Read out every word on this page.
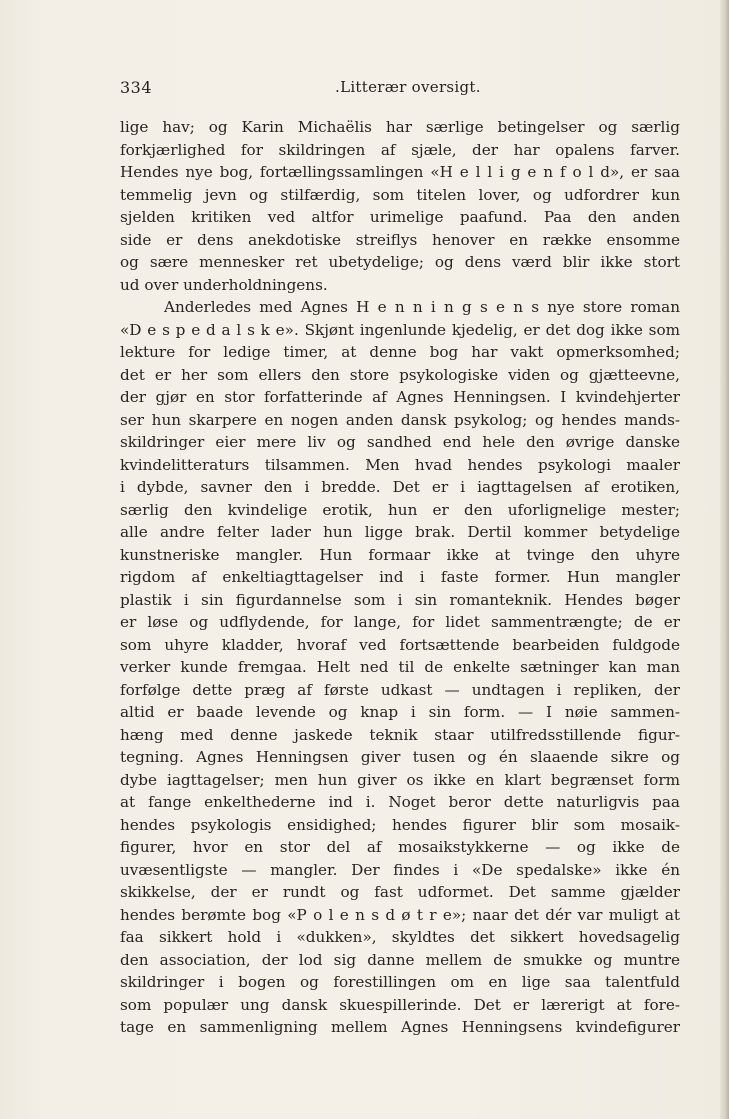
334	.Litterær oversigt.
lige hav; og Karin Michaëlis har særlige betingelser og særlig
forkjærlighed for skildringen af sjæle, der har opalens farver.
Hendes nye bog, fortællingssamlingen «H e l l i g e n f o l d», er saa
temmelig jevn og stilfærdig, som titelen lover, og udfordrer kun
sjelden kritiken ved altfor urimelige paafund. Paa den anden
side er dens anekdotiske streiflys henover en række ensomme
og sære mennesker ret ubetydelige; og dens værd blir ikke stort
ud over underholdningens.
Anderledes med Agnes H e n n i n g s e n s nye store roman
«D e s p e d a l s k e». Skjønt ingenlunde kjedelig, er det dog ikke som
lekture for ledige timer, at denne bog har vakt opmerksomhed;
det er her som ellers den store psykologiske viden og gjætteevne,
der gjør en stor forfatterinde af Agnes Henningsen. I kvindehjerter
ser hun skarpere en nogen anden dansk psykolog; og hendes mands-
skildringer eier mere liv og sandhed end hele den øvrige danske
kvindelitteraturs tilsammen. Men hvad hendes psykologi maaler
i dybde, savner den i bredde. Det er i iagttagelsen af erotiken,
særlig den kvindelige erotik, hun er den uforlignelige mester;
alle andre felter lader hun ligge brak. Dertil kommer betydelige
kunstneriske mangler. Hun formaar ikke at tvinge den uhyre
rigdom af enkeltiagttagelser ind i faste former. Hun mangler
plastik i sin figurdannelse som i sin romanteknik. Hendes bøger
er løse og udflydende, for lange, for lidet sammentrængte; de er
som uhyre kladder, hvoraf ved fortsættende bearbeiden fuldgode
verker kunde fremgaa. Helt ned til de enkelte sætninger kan man
forfølge dette præg af første udkast — undtagen i repliken, der
altid er baade levende og knap i sin form. — I nøie sammen-
hæng med denne jaskede teknik staar utilfredsstillende figur-
tegning. Agnes Henningsen giver tusen og én slaaende sikre og
dybe iagttagelser; men hun giver os ikke en klart begrænset form
at fange enkelthederne ind i. Noget beror dette naturligvis paa
hendes psykologis ensidighed; hendes figurer blir som mosaik-
figurer, hvor en stor del af mosaikstykkerne — og ikke de
uvæsentligste — mangler. Der findes i «De spedalske» ikke én
skikkelse, der er rundt og fast udformet. Det samme gjælder
hendes berømte bog «P o l e n s d ø t r e»; naar det dér var muligt at
faa sikkert hold i «dukken», skyldtes det sikkert hovedsagelig
den association, der lod sig danne mellem de smukke og muntre
skildringer i bogen og forestillingen om en lige saa talentfuld
som populær ung dansk skuespillerinde. Det er lærerigt at fore-
tage en sammenligning mellem Agnes Henningsens kvindefigurer
